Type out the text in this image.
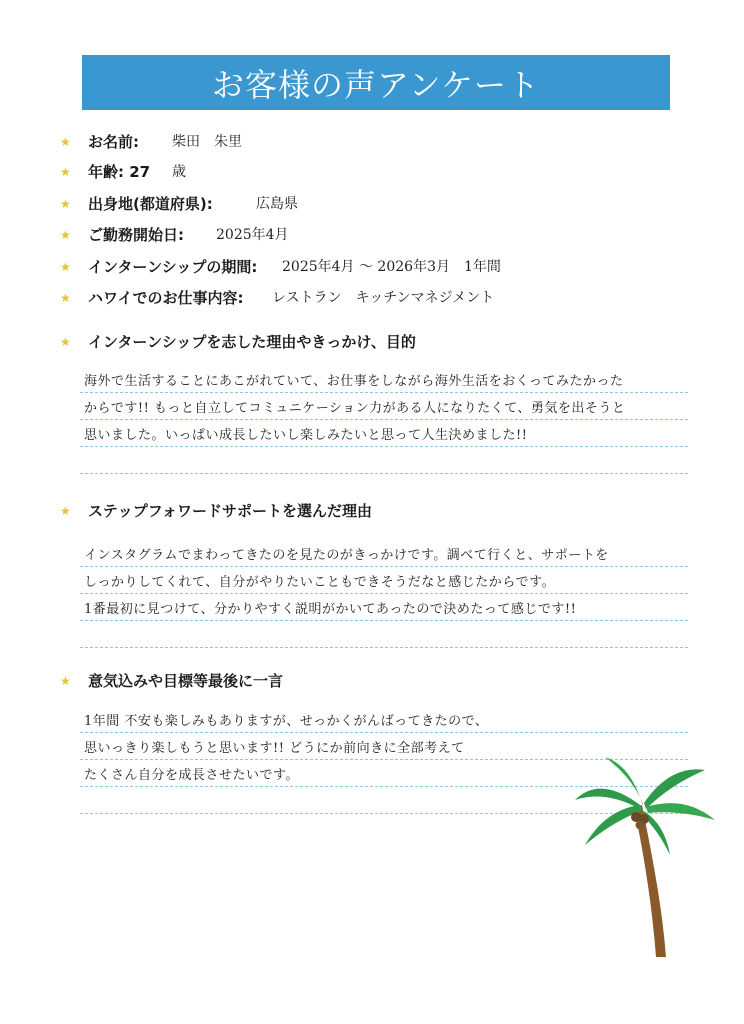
お客様の声アンケート
★ お名前: 柴田　朱里
★ 年齢: 27 歳
★ 出身地(都道府県):	広島県
★ ご勤務開始日: 2025年4月
★ インターンシップの期間: 2025年4月 ～ 2026年3月　1年間
★ ハワイでのお仕事内容: レストラン　キッチンマネジメント
★ インターンシップを志した理由やきっかけ、目的
海外で生活することにあこがれていて、お仕事をしながら海外生活をおくってみたかった
からです!! もっと自立してコミュニケーション力がある人になりたくて、勇気を出そうと
思いました。いっぱい成長したいし楽しみたいと思って人生決めました!!
★ ステップフォワードサポートを選んだ理由
インスタグラムでまわってきたのを見たのがきっかけです。調べて行くと、サポートを
しっかりしてくれて、自分がやりたいこともできそうだなと感じたからです。
1番最初に見つけて、分かりやすく説明がかいてあったので決めたって感じです!!
★ 意気込みや目標等最後に一言
1年間 不安も楽しみもありますが、せっかくがんばってきたので、
思いっきり楽しもうと思います!! どうにか前向きに全部考えて
たくさん自分を成長させたいです。
